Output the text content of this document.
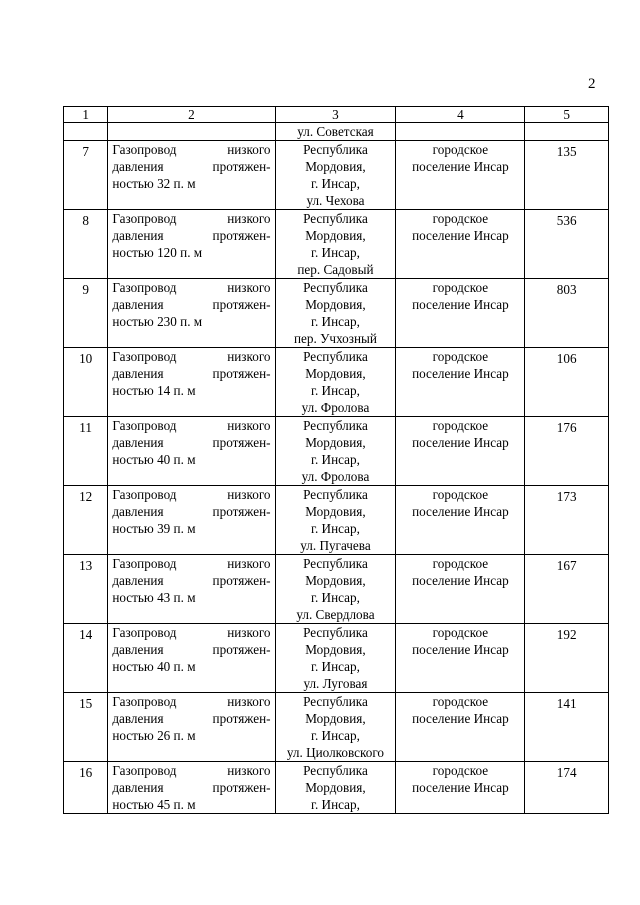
2
1	2	3	4	5
		ул. Советская		

7	Газопровод низкого
давления протяжен-
ностью 32 п. м	Республика
Мордовия,
г. Инсар,
ул. Чехова	городское
поселение Инсар	135

8	Газопровод низкого
давления протяжен-
ностью 120 п. м	Республика
Мордовия,
г. Инсар,
пер. Садовый	городское
поселение Инсар	536

9	Газопровод низкого
давления протяжен-
ностью 230 п. м	Республика
Мордовия,
г. Инсар,
пер. Учхозный	городское
поселение Инсар	803

10	Газопровод низкого
давления протяжен-
ностью 14 п. м	Республика
Мордовия,
г. Инсар,
ул. Фролова	городское
поселение Инсар	106

11	Газопровод низкого
давления протяжен-
ностью 40 п. м	Республика
Мордовия,
г. Инсар,
ул. Фролова	городское
поселение Инсар	176

12	Газопровод низкого
давления протяжен-
ностью 39 п. м	Республика
Мордовия,
г. Инсар,
ул. Пугачева	городское
поселение Инсар	173

13	Газопровод низкого
давления протяжен-
ностью 43 п. м	Республика
Мордовия,
г. Инсар,
ул. Свердлова	городское
поселение Инсар	167

14	Газопровод низкого
давления протяжен-
ностью 40 п. м	Республика
Мордовия,
г. Инсар,
ул. Луговая	городское
поселение Инсар	192

15	Газопровод низкого
давления протяжен-
ностью 26 п. м	Республика
Мордовия,
г. Инсар,
ул. Циолковского	городское
поселение Инсар	141

16	Газопровод низкого
давления протяжен-
ностью 45 п. м	Республика
Мордовия,
г. Инсар,	городское
поселение Инсар	174
